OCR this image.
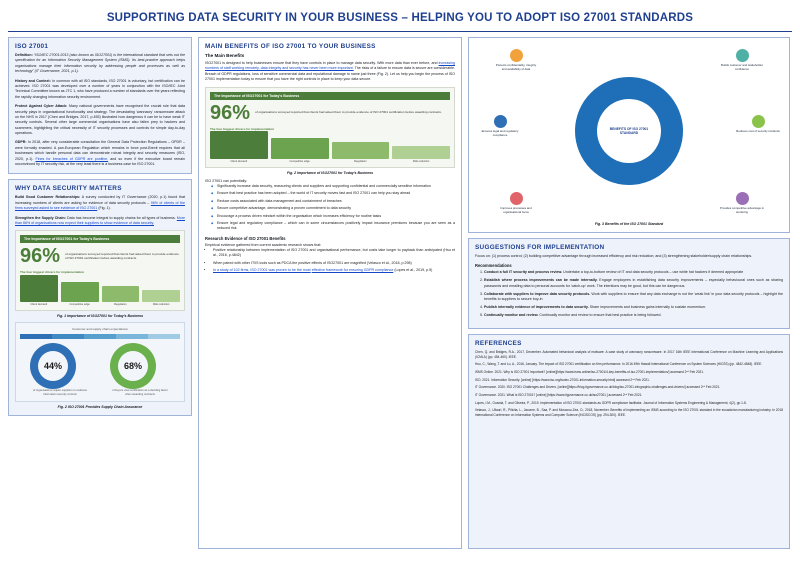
SUPPORTING DATA SECURITY IN YOUR BUSINESS – HELPING YOU TO ADOPT ISO 27001 STANDARDS
ISO 27001

Definition: “ISO/IEC 27001:2013 (also known as ISO27001) is the international standard that sets out the specification for an Information Security Management System (ISMS). Its best-practice approach helps organisations manage their information security by addressing people and processes as well as technology” (IT Governance, 2021, p.1).

History and Context: In common with all ISO standards, ISO 27001 is voluntary, but certification can be achieved. ISO 27001 was developed over a number of years in conjunction with the ISO/IEC Joint Technical Committee known as JTC 1, who have produced a number of standards over the years reflecting the rapidly changing information security environment.

Protect Against Cyber Attack: Many national governments have recognised the crucial role that data security plays in organisational functionality and strategy. The devastating 'wannacry' ransomware attack on the NHS in 2017 (Chen and Bridges, 2017, p.455) illustrated how dangerous it can be to have weak IT security controls. Several other large commercial organisations have also fallen prey to hackers and scammers, highlighting the critical necessity of IT security processes and controls for simple day-to-day operations.

GDPR: In 2018, after very considerable consultation the General Data Protection Regulations – GPDR – were formally enacted. A pan-European Regulation which remains in force post-Brexit requires that all businesses which handle personal data can demonstrate robust integrity and security measures (ISO, 2020, p.1). Fines for breaches of GDPR are punitive, and so even if the executive board remain unconvinced by IT security risk, at the very least there is a business case for ISO 27001.

WHY DATA SECURITY MATTERS

Build Good Customer Relationships: A survey conducted by IT Governance (2020, p.1) found that increasing numbers of clients are asking for evidence of data security protocols – 96% of clients of the firms surveyed asked to see evidence of ISO 27001 (Fig. 1).

Strengthen the Supply Chain: Data has become integral to supply chains for all types of business. More than 66% of organisations now expect their suppliers to show evidence of data security.

The Importance of ISO27001 for Today's Business
96% of organisations surveyed reported that clients had asked them to provide evidence of ISO 27001 certification before awarding contracts.
The four biggest drivers for implementation
Client demand	Competitive edge	Regulation	Risk reduction
Fig. 1 Importance of ISO27001 for Today's Business
Customer and supply chain expectations
44%
of organisations require suppliers to evidence information security controls
68%
of buyers view certification as a deciding factor when awarding contracts
Fig. 2 ISO 27001 Provides Supply Chain Assurance
MAIN BENEFITS OF ISO 27001 TO YOUR BUSINESS
The Main Benefits

ISO27001 is designed to help businesses ensure that they have controls in place to manage data security. With more data than ever before, and increasing numbers of staff working remotely, data integrity and security has never been more important. The risks of a failure to ensure data is secure are considerable. Breach of GDPR regulations, loss of sensitive commercial data and reputational damage to name just three (Fig. 2). Let us help you begin the process of ISO 27001 implementation today to ensure that you have the right controls in place to keep your data secure.

The Importance of ISO27001 for Today's Business
96% of organisations surveyed reported that clients had asked them to provide evidence of ISO 27001 certification before awarding contracts.
The four biggest drivers for implementation
Client demand	Competitive edge	Regulation	Risk reduction
Fig. 2 Importance of ISO27001 for Today's Business
ISO 27001 can potentially:
◆ Significantly increase data security, reassuring clients and suppliers and supporting confidential and commercially sensitive information
◆ Ensure that best practice has been adopted – the world of IT security moves fast and ISO 27001 can help you stay ahead
◆ Reduce costs associated with data management and containment of breaches
◆ Secure competitive advantage, demonstrating a proven commitment to data security
◆ Encourage a process driven mindset within the organisation which increases efficiency for routine tasks
◆ Ensure legal and regulatory compliance – which can in some circumstances positively impact insurance premiums because you are seen as a reduced risk
Research Evidence of ISO 27001 Benefits
Empirical evidence gathered from current academic research shows that:
• Positive relationship between implementation of ISO 27001 and organisational performance, but costs take longer to payback than anticipated (Hsu et al., 2016, p.4842)
• When paired with other IT/IS tools such as PDCA the positive effects of ISO27001 are magnified (Velasco et al., 2018, p.298)
• In a study of 102 firms, ISO 27001 was proven to be the most effective framework for ensuring GDPR compliance (Lopes et al., 2019, p.5)
BENEFITS OF ISO 27001 STANDARD
Protects confidentiality, integrity and availability of data
Builds customer and stakeholder confidence
Ensures legal and regulatory compliance
Reduces cost of security incidents
Improves processes and organisational focus
Provides competitive advantage in tendering
Fig. 3 Benefits of the ISO 27001 Standard
SUGGESTIONS FOR IMPLEMENTATION
Focus on: (1) process control; (2) building competitive advantage through increased efficiency and risk reduction; and (3) strengthening stakeholder/supply chain relationships.
Recommendations
1. Conduct a full IT security and process review. Undertake a top-to-bottom review of IT and data security protocols – use white hat hackers if deemed appropriate
2. Establish where process improvements can be made internally. Engage employees in establishing data security improvements – especially behavioural ones such as sharing passwords and emailing data to personal accounts for 'catch-up' work. The intentions may be good, but this can be dangerous.
3. Collaborate with suppliers to improve data security protocols. Work with suppliers to ensure that any data exchange is not the 'weak link' in your data security protocols – highlight the benefits to suppliers to secure buy-in
4. Publish internally evidence of improvements to data security. Share improvements and business gains internally to sustain momentum.
5. Continually monitor and review. Continually monitor and review to ensure that best practice is being followed.
REFERENCES

Chen, Q. and Bridges, R.A., 2017, December. Automated behavioral analysis of malware: A case study of wannacry ransomware. In 2017 16th IEEE International Conference on Machine Learning and Applications (ICMLA) (pp. 454-460). IEEE.

Hsu, C., Wang, T. and Lu, A., 2016, January. The impact of ISO 27001 certification on firm performance. In 2016 49th Hawaii International Conference on System Sciences (HICSS) (pp. 4842-4848). IEEE.

ISMS Online. 2021. Why is ISO 27001 important? [online][https://www.isms.online/iso-27001/4-key-benefits-of-iso-27001-implementation/] accessed 2ⁿᵈ Feb 2021.

ISO. 2021. Information Security. [online] [https://www.iso.org/isoiec-27001-information-security.html] accessed 2ⁿᵈ Feb 2021.

IT Governance. 2020. ISO 27001 Challenges and Drivers. [online][https://blog.itgovernance.co.uk/blog/iso-27001-infographic-challenges-and-drivers/] accessed 2ⁿᵈ Feb 2021.

IT Governance. 2021. What is ISO 27001? [online] [https://www.itgovernance.co.uk/iso27001.] accessed 2ⁿᵈ Feb 2021.

Lopes, I.M., Guarda, T. and Oliveira, P., 2019. Implementation of ISO 27001 standards as GDPR compliance facilitator. Journal of Information Systems Engineering & Management, 4(2), pp.1-8.

Velasco, J., Ullauri, R., Pilicita, L., Jacome, B., Saa, P. and Moscoso-Zea, O., 2018, November. Benefits of implementing an ISMS according to the ISO 27001 standard in the ecuadorian manufacturing industry. In 2018 International Conference on Information Systems and Computer Science (INCISCOS) (pp. 294-300). IEEE.
